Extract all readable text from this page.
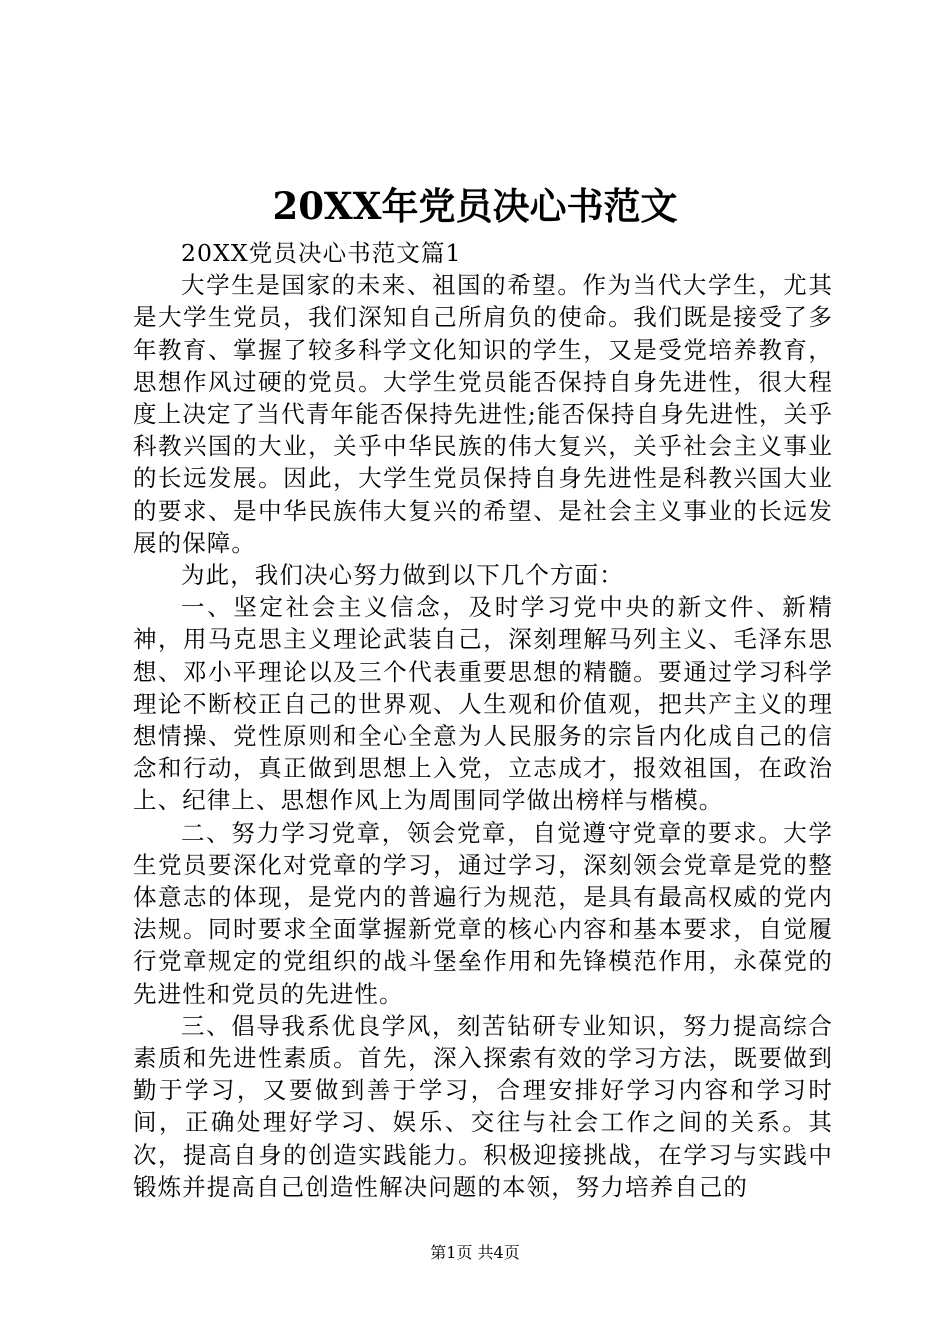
20XX年党员决心书范文

20XX党员决心书范文篇1

大学生是国家的未来、祖国的希望。作为当代大学生，尤其是大学生党员，我们深知自己所肩负的使命。我们既是接受了多年教育、掌握了较多科学文化知识的学生，又是受党培养教育，思想作风过硬的党员。大学生党员能否保持自身先进性，很大程度上决定了当代青年能否保持先进性;能否保持自身先进性，关乎科教兴国的大业，关乎中华民族的伟大复兴，关乎社会主义事业的长远发展。因此，大学生党员保持自身先进性是科教兴国大业的要求、是中华民族伟大复兴的希望、是社会主义事业的长远发展的保障。

为此，我们决心努力做到以下几个方面：

一、坚定社会主义信念，及时学习党中央的新文件、新精神，用马克思主义理论武装自己，深刻理解马列主义、毛泽东思想、邓小平理论以及三个代表重要思想的精髓。要通过学习科学理论不断校正自己的世界观、人生观和价值观，把共产主义的理想情操、党性原则和全心全意为人民服务的宗旨内化成自己的信念和行动，真正做到思想上入党，立志成才，报效祖国，在政治上、纪律上、思想作风上为周围同学做出榜样与楷模。

二、努力学习党章，领会党章，自觉遵守党章的要求。大学生党员要深化对党章的学习，通过学习，深刻领会党章是党的整体意志的体现，是党内的普遍行为规范，是具有最高权威的党内法规。同时要求全面掌握新党章的核心内容和基本要求，自觉履行党章规定的党组织的战斗堡垒作用和先锋模范作用，永葆党的先进性和党员的先进性。

三、倡导我系优良学风，刻苦钻研专业知识，努力提高综合素质和先进性素质。首先，深入探索有效的学习方法，既要做到勤于学习，又要做到善于学习，合理安排好学习内容和学习时间，正确处理好学习、娱乐、交往与社会工作之间的关系。其次，提高自身的创造实践能力。积极迎接挑战，在学习与实践中锻炼并提高自己创造性解决问题的本领，努力培养自己的

第1页 共4页
